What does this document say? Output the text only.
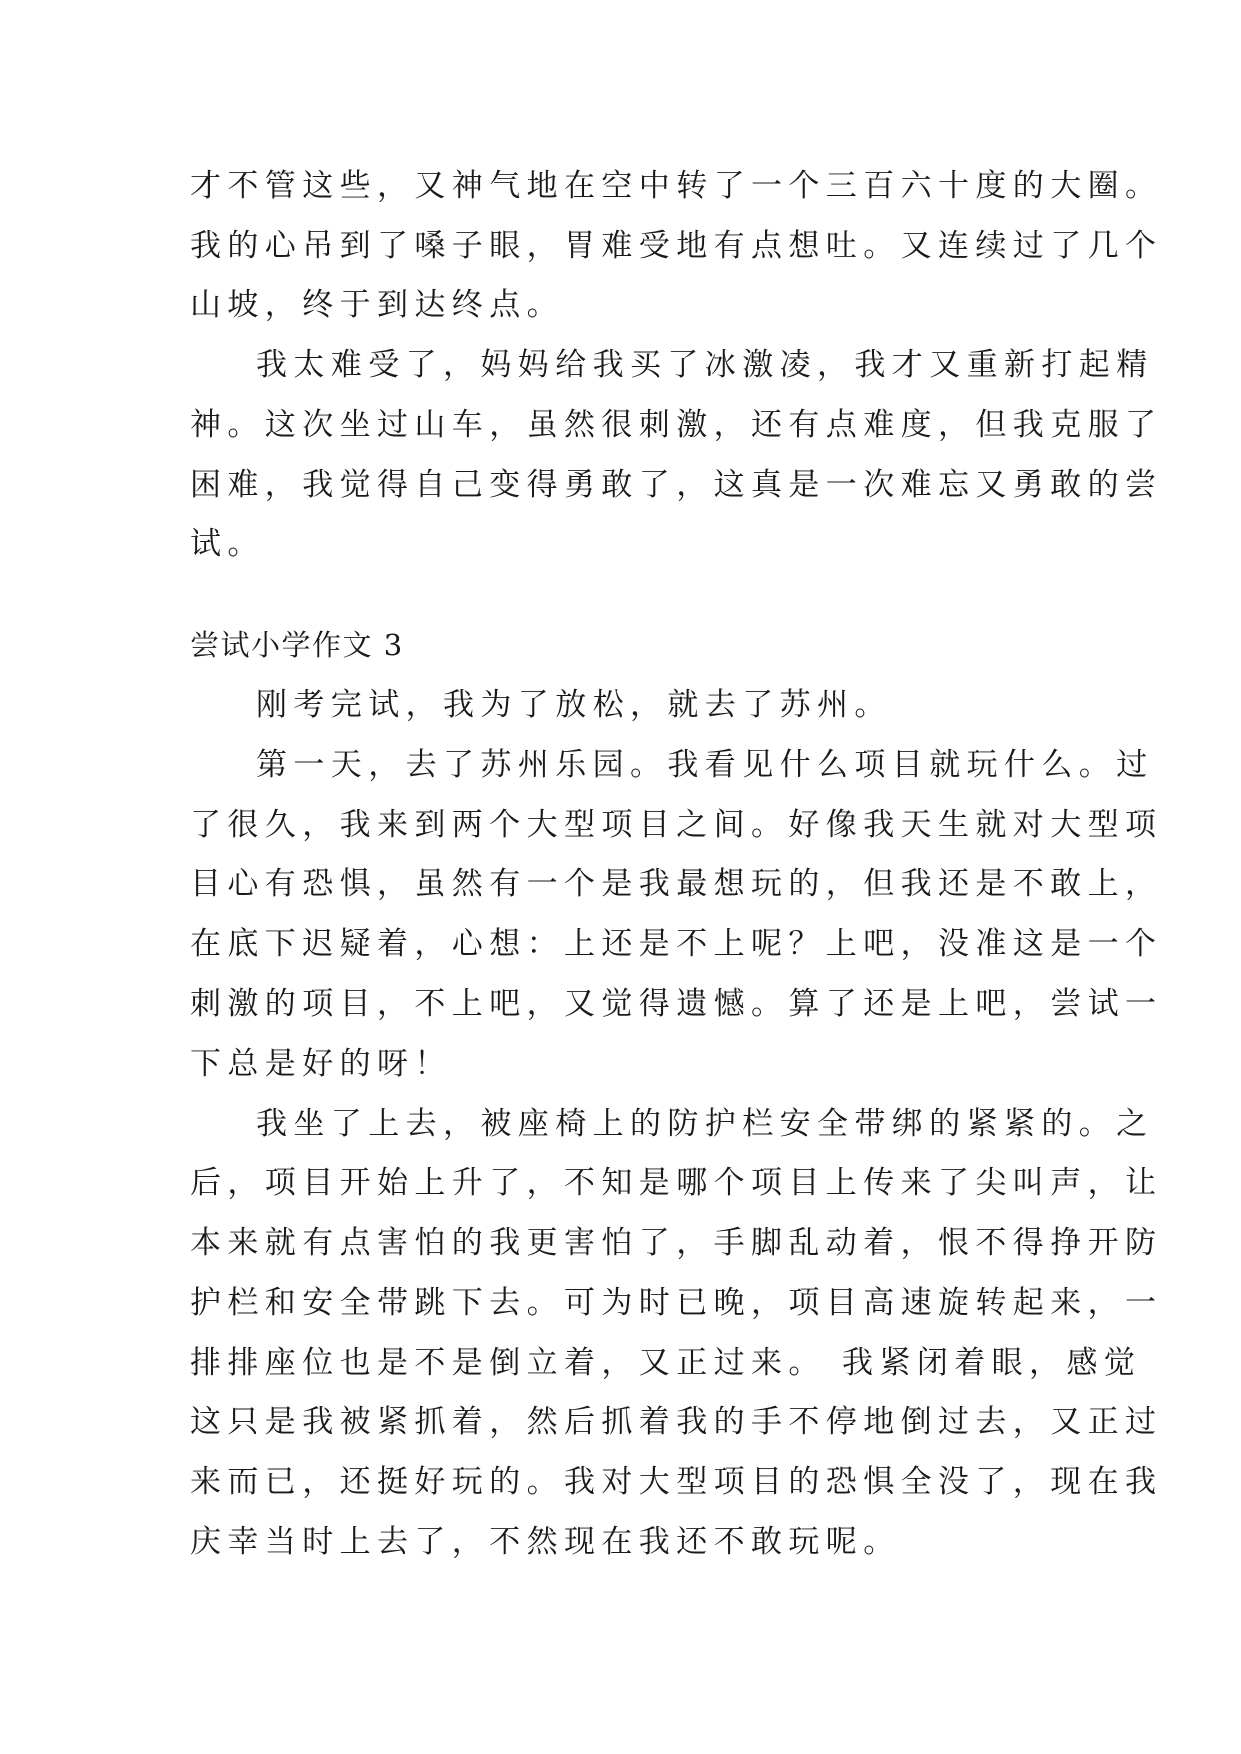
才不管这些，又神气地在空中转了一个三百六十度的大圈。
我的心吊到了嗓子眼，胃难受地有点想吐。又连续过了几个
山坡，终于到达终点。
我太难受了，妈妈给我买了冰激凌，我才又重新打起精
神。这次坐过山车，虽然很刺激，还有点难度，但我克服了
困难，我觉得自己变得勇敢了，这真是一次难忘又勇敢的尝
试。
尝试小学作文 3
刚考完试，我为了放松，就去了苏州。
第一天，去了苏州乐园。我看见什么项目就玩什么。过
了很久，我来到两个大型项目之间。好像我天生就对大型项
目心有恐惧，虽然有一个是我最想玩的，但我还是不敢上，
在底下迟疑着，心想：上还是不上呢？上吧，没准这是一个
刺激的项目，不上吧，又觉得遗憾。算了还是上吧，尝试一
下总是好的呀！
我坐了上去，被座椅上的防护栏安全带绑的紧紧的。之
后，项目开始上升了，不知是哪个项目上传来了尖叫声，让
本来就有点害怕的我更害怕了，手脚乱动着，恨不得挣开防
护栏和安全带跳下去。可为时已晚，项目高速旋转起来，一
排排座位也是不是倒立着，又正过来。 我紧闭着眼，感觉
这只是我被紧抓着，然后抓着我的手不停地倒过去，又正过
来而已，还挺好玩的。我对大型项目的恐惧全没了，现在我
庆幸当时上去了，不然现在我还不敢玩呢。
